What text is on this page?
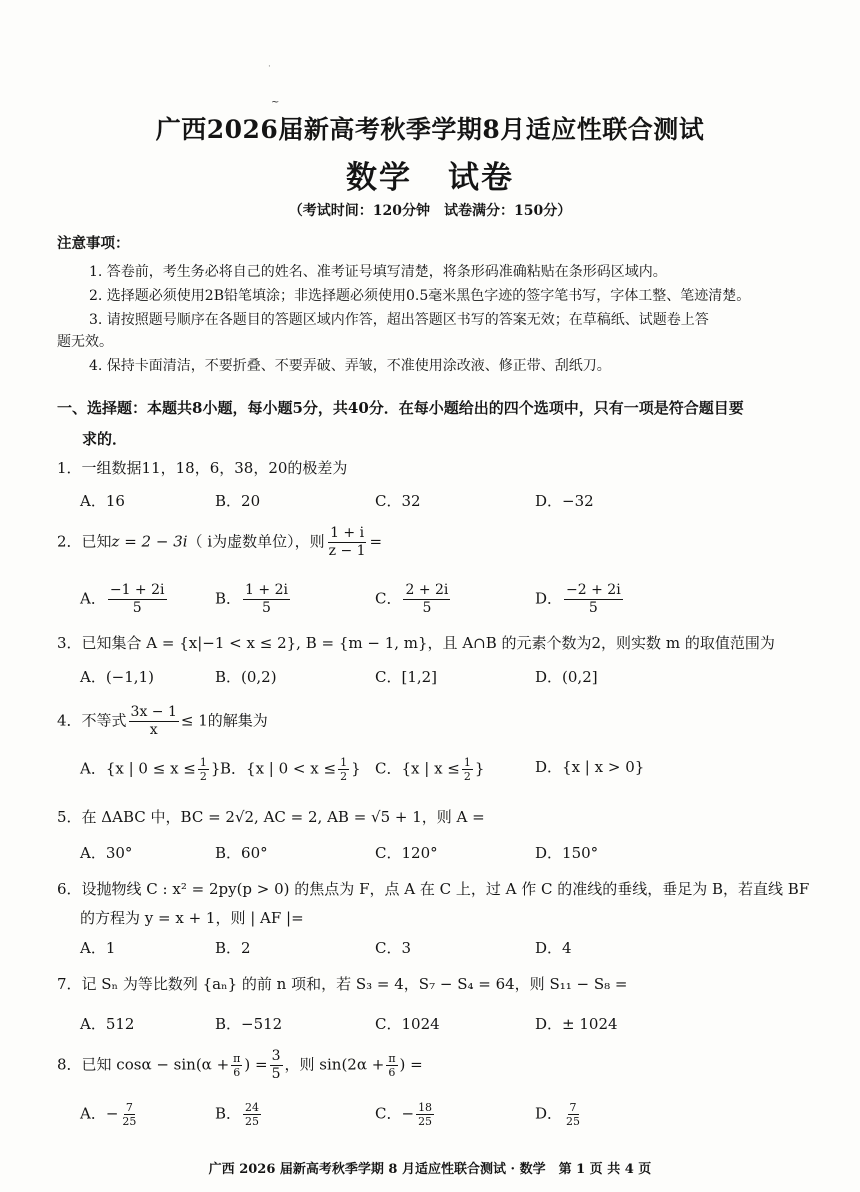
·
~
广西2026届新高考秋季学期8月适应性联合测试
数学 试卷
（考试时间：120分钟　试卷满分：150分）
注意事项：

1. 答卷前，考生务必将自己的姓名、准考证号填写清楚，将条形码准确粘贴在条形码区域内。

2. 选择题必须使用2B铅笔填涂；非选择题必须使用0.5毫米黑色字迹的签字笔书写，字体工整、笔迹清楚。

3. 请按照题号顺序在各题目的答题区域内作答，超出答题区书写的答案无效；在草稿纸、试题卷上答

题无效。

4. 保持卡面清洁，不要折叠、不要弄破、弄皱，不准使用涂改液、修正带、刮纸刀。

一、选择题：本题共8小题，每小题5分，共40分．在每小题给出的四个选项中，只有一项是符合题目要
求的．
1．一组数据11，18，6，38，20的极差为
A．16	B．20	C．32	D．−32
2．已知z = 2 − 3i（ i为虚数单位），则 $\frac{1 + i}{z - 1}$ =
A． $\frac{-1 + 2i}{5}$	B． $\frac{1 + 2i}{5}$	C． $\frac{2 + 2i}{5}$	D． $\frac{-2 + 2i}{5}$
3．已知集合 A = {x|−1 < x ≤ 2}, B = {m − 1, m}，且 A∩B 的元素个数为2，则实数 m 的取值范围为
A．(−1,1)	B．(0,2)	C．[1,2]	D．(0,2]
4．不等式 $\frac{3x - 1}{x} \le 1$的解集为
A．{x | $0 \le x \le \frac{1}{2}$ } B．{x | $0 < x \le \frac{1}{2}$ } C．{x | $x \le \frac{1}{2}$ }	D．{x | x > 0}
5．在 ΔABC 中，BC = 2√2, AC = 2, AB = √5 + 1，则 A =
A．30°	B．60°	C．120°	D．150°
6．设抛物线 C : x² = 2py(p > 0) 的焦点为 F，点 A 在 C 上，过 A 作 C 的准线的垂线，垂足为 B，若直线 BF
的方程为 y = x + 1，则 | AF |=
A．1	B．2	C．3	D．4
7．记 Sₙ 为等比数列 {aₙ} 的前 n 项和，若 S₃ = 4，S₇ − S₄ = 64，则 S₁₁ − S₈ =
A．512	B．−512	C．1024	D．± 1024
8．已知 $\cos\alpha - \sin(\alpha + \frac{\pi}{6}$ ) = $\frac{3}{5}$ ，则 $\sin(2\alpha + \frac{\pi}{6}$ ) =
A．− $\frac{7}{25}$	B． $\frac{24}{25}$	C．− $\frac{18}{25}$	D． $\frac{7}{25}$
广西 2026 届新高考秋季学期 8 月适应性联合测试 · 数学　第 1 页 共 4 页
